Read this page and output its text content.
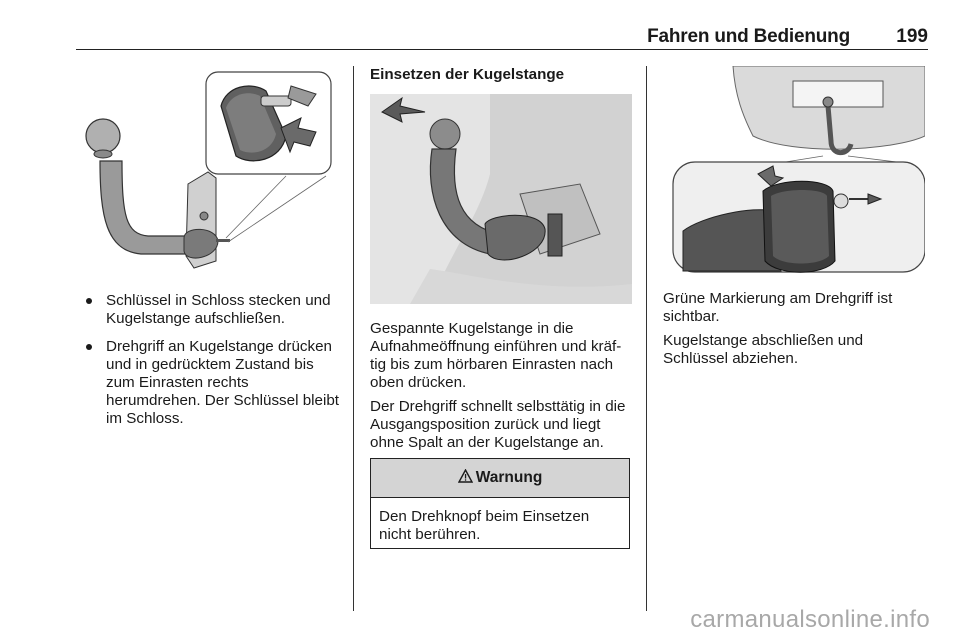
Fahren und Bedienung 199
Schlüssel in Schloss stecken und Kugelstange aufschließen.
Drehgriff an Kugelstange drücken und in gedrücktem Zustand bis zum Einrasten rechts herumdrehen. Der Schlüssel bleibt im Schloss.
Einsetzen der Kugelstange

Gespannte Kugelstange in die Aufnahmeöffnung einführen und kräf-tig bis zum hörbaren Einrasten nach oben drücken.

Der Drehgriff schnellt selbsttätig in die Ausgangsposition zurück und liegt ohne Spalt an der Kugelstange an.

Warnung
Den Drehknopf beim Einsetzen nicht berühren.

Grüne Markierung am Drehgriff ist sichtbar.

Kugelstange abschließen und Schlüssel abziehen.

carmanualsonline.info
